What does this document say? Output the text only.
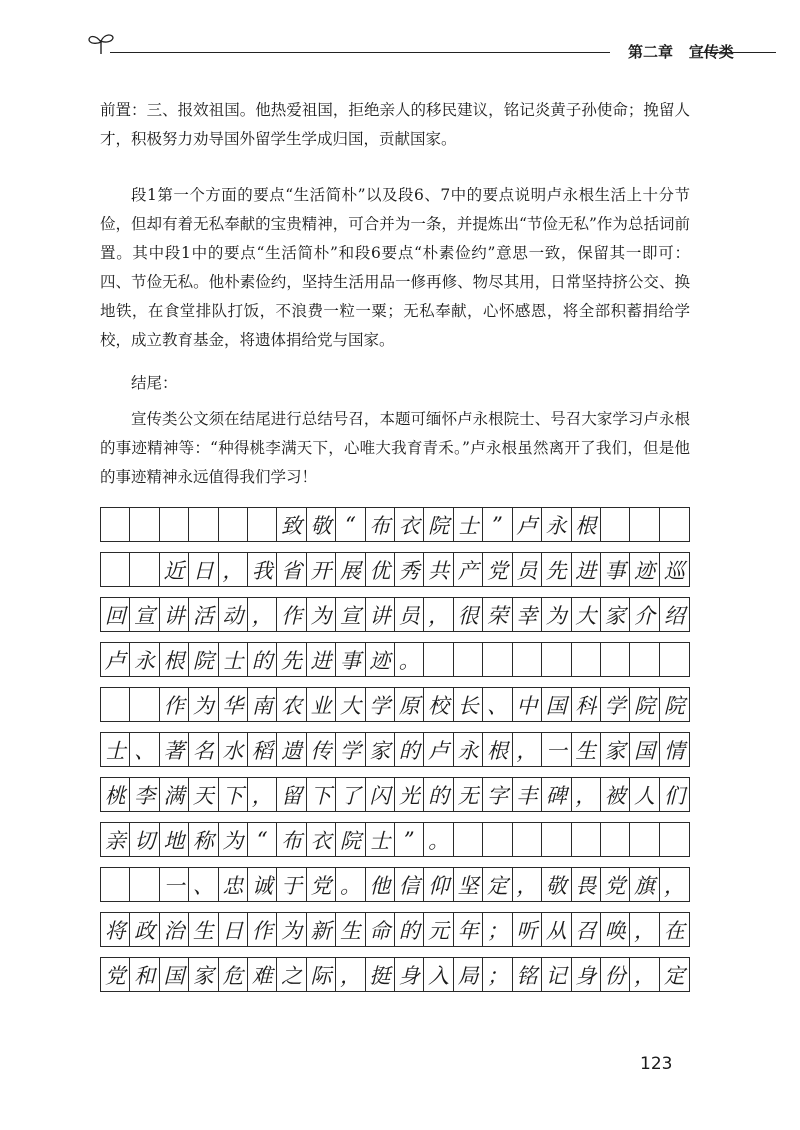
第二章 宣传类
前置：三、报效祖国。他热爱祖国，拒绝亲人的移民建议，铭记炎黄子孙使命；挽留人才，积极努力劝导国外留学生学成归国，贡献国家。
段1第一个方面的要点“生活简朴”以及段6、7中的要点说明卢永根生活上十分节俭，但却有着无私奉献的宝贵精神，可合并为一条，并提炼出“节俭无私”作为总括词前置。其中段1中的要点“生活简朴”和段6要点“朴素俭约”意思一致，保留其一即可：四、节俭无私。他朴素俭约，坚持生活用品一修再修、物尽其用，日常坚持挤公交、换地铁，在食堂排队打饭，不浪费一粒一粟；无私奉献，心怀感恩，将全部积蓄捐给学校，成立教育基金，将遗体捐给党与国家。
结尾：
宣传类公文须在结尾进行总结号召，本题可缅怀卢永根院士、号召大家学习卢永根的事迹精神等：“种得桃李满天下，心唯大我育青禾。”卢永根虽然离开了我们，但是他的事迹精神永远值得我们学习！
致 敬 “ 布 衣 院 士 ” 卢 永 根
近 日 ， 我 省 开 展 优 秀 共 产 党 员 先 进 事 迹 巡
回 宣 讲 活 动 ， 作 为 宣 讲 员 ， 很 荣 幸 为 大 家 介 绍
卢 永 根 院 士 的 先 进 事 迹 。
作 为 华 南 农 业 大 学 原 校 长 、 中 国 科 学 院 院
士 、 著 名 水 稻 遗 传 学 家 的 卢 永 根 ， 一 生 家 国 情
桃 李 满 天 下 ， 留 下 了 闪 光 的 无 字 丰 碑 ， 被 人 们
亲 切 地 称 为 “ 布 衣 院 士 ” 。
一 、 忠 诚 于 党 。 他 信 仰 坚 定 ， 敬 畏 党 旗 ，
将 政 治 生 日 作 为 新 生 命 的 元 年 ； 听 从 召 唤 ， 在
党 和 国 家 危 难 之 际 ， 挺 身 入 局 ； 铭 记 身 份 ， 定
123
